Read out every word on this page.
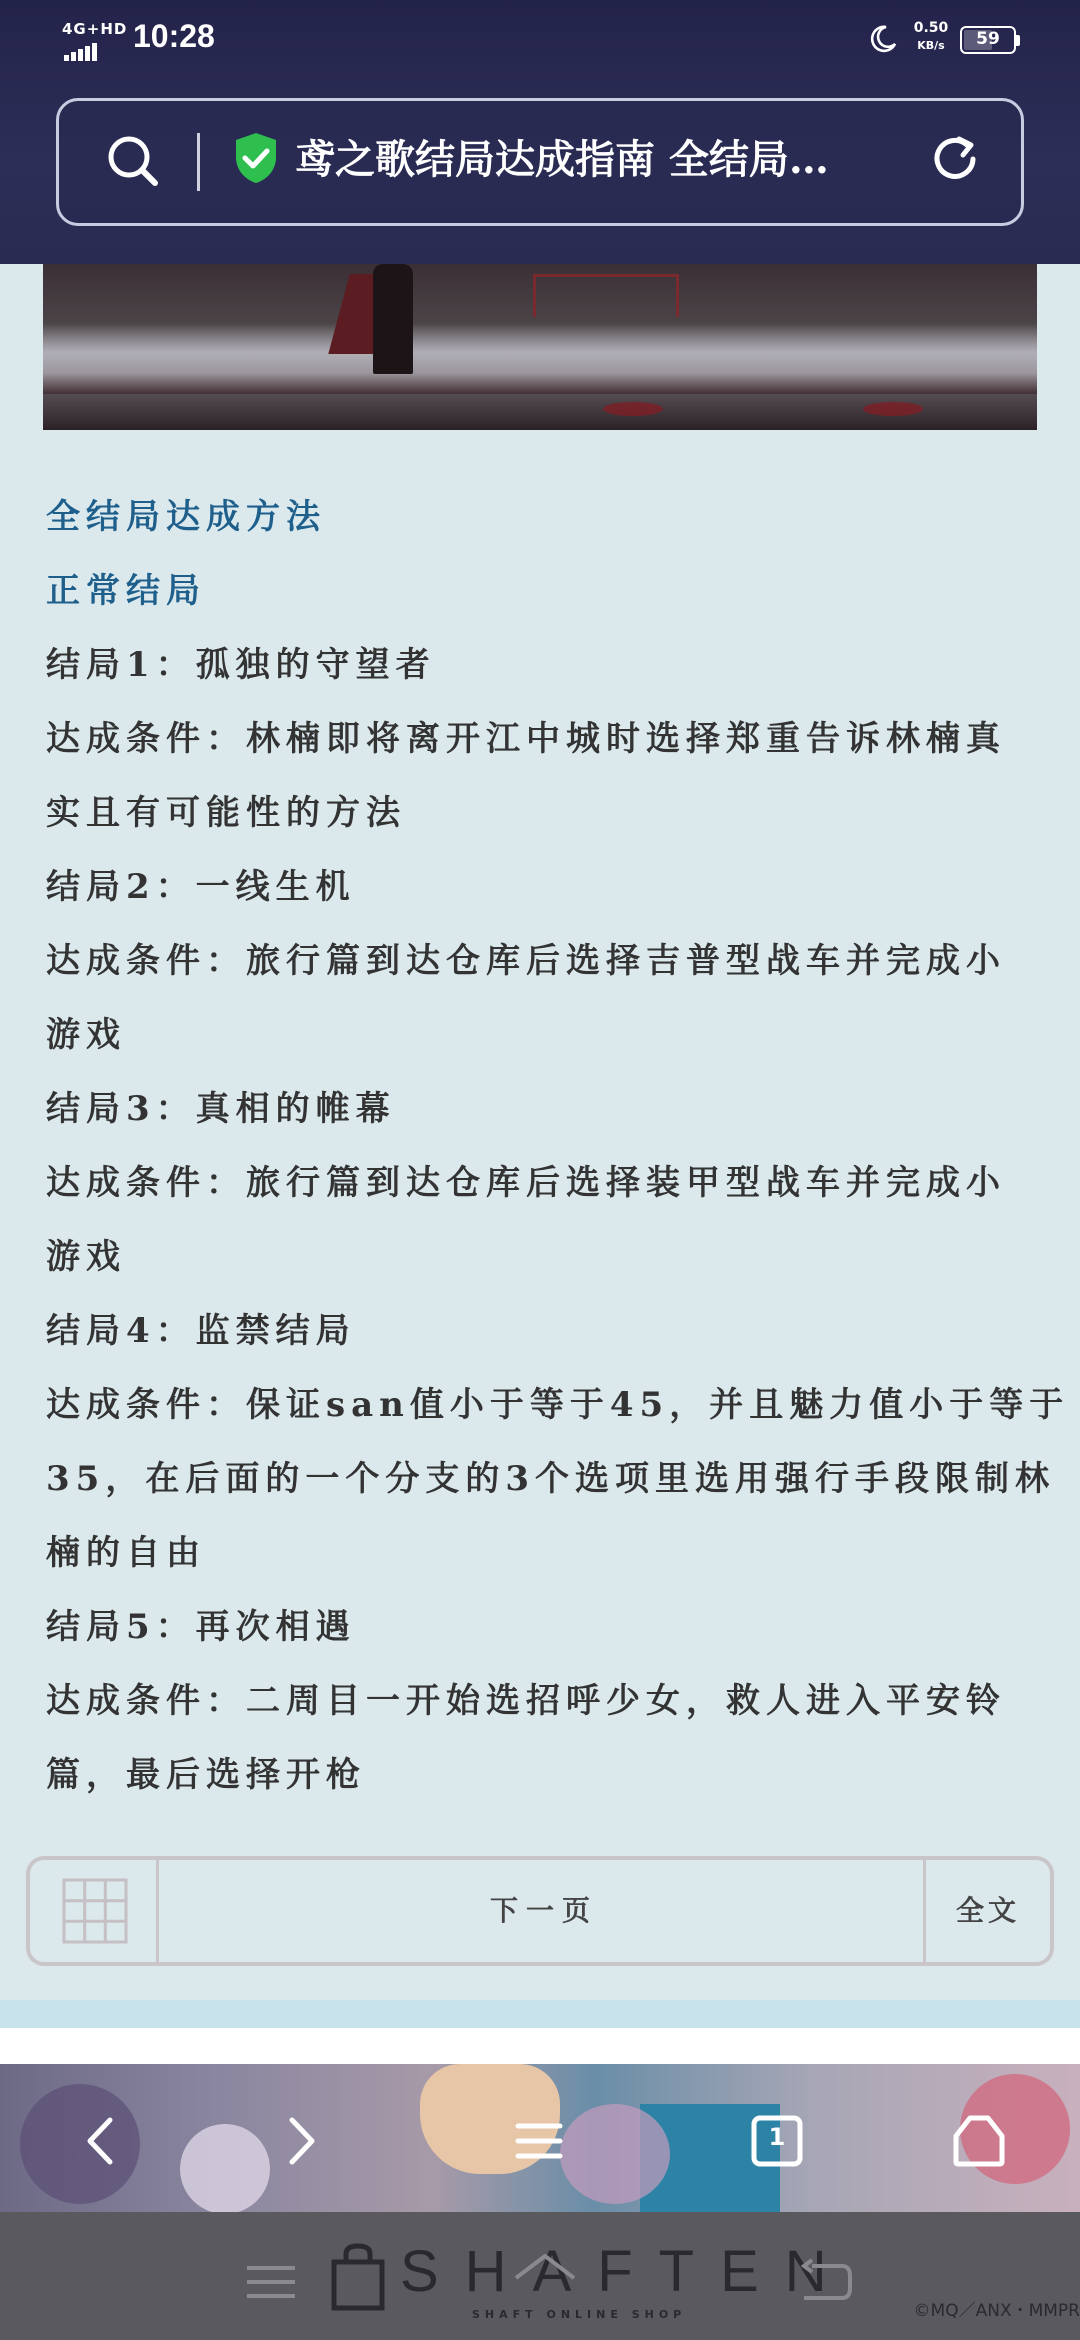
4G+HD 10:28	0.50
KB/s	59
鸢之歌结局达成指南 全结局…
全结局达成方法
正常结局
结局1：孤独的守望者
达成条件：林楠即将离开江中城时选择郑重告诉林楠真
实且有可能性的方法
结局2：一线生机
达成条件：旅行篇到达仓库后选择吉普型战车并完成小
游戏
结局3：真相的帷幕
达成条件：旅行篇到达仓库后选择装甲型战车并完成小
游戏
结局4：监禁结局
达成条件：保证san值小于等于45，并且魅力值小于等于
35，在后面的一个分支的3个选项里选用强行手段限制林
楠的自由
结局5：再次相遇
达成条件：二周目一开始选招呼少女，救人进入平安铃
篇，最后选择开枪
下一页	全文
1
SHAFTEN
SHAFT ONLINE SHOP	©MQ／ANX・MMPR
